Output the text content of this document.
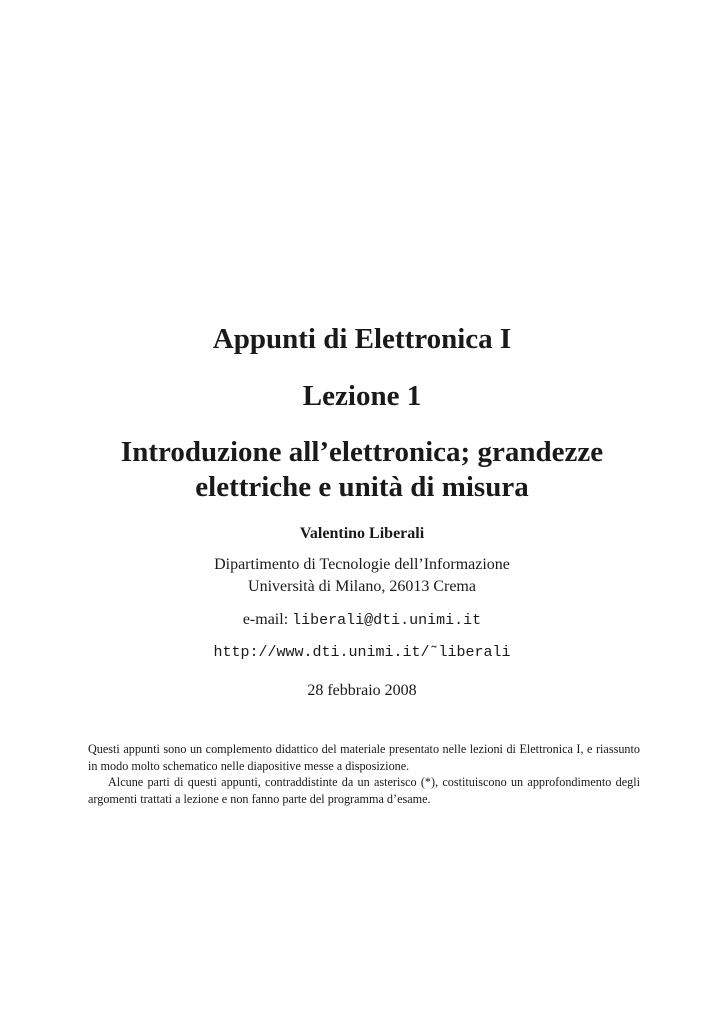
Appunti di Elettronica I
Lezione 1
Introduzione all’elettronica; grandezze
elettriche e unità di misura
Valentino Liberali
Dipartimento di Tecnologie dell’Informazione
Università di Milano, 26013 Crema
e-mail: liberali@dti.unimi.it
http://www.dti.unimi.it/˜liberali
28 febbraio 2008

Questi appunti sono un complemento didattico del materiale presentato nelle lezioni di Elettronica I, e riassunto in modo molto schematico nelle diapositive messe a disposizione.

Alcune parti di questi appunti, contraddistinte da un asterisco (*), costituiscono un approfondimento degli argomenti trattati a lezione e non fanno parte del programma d’esame.
